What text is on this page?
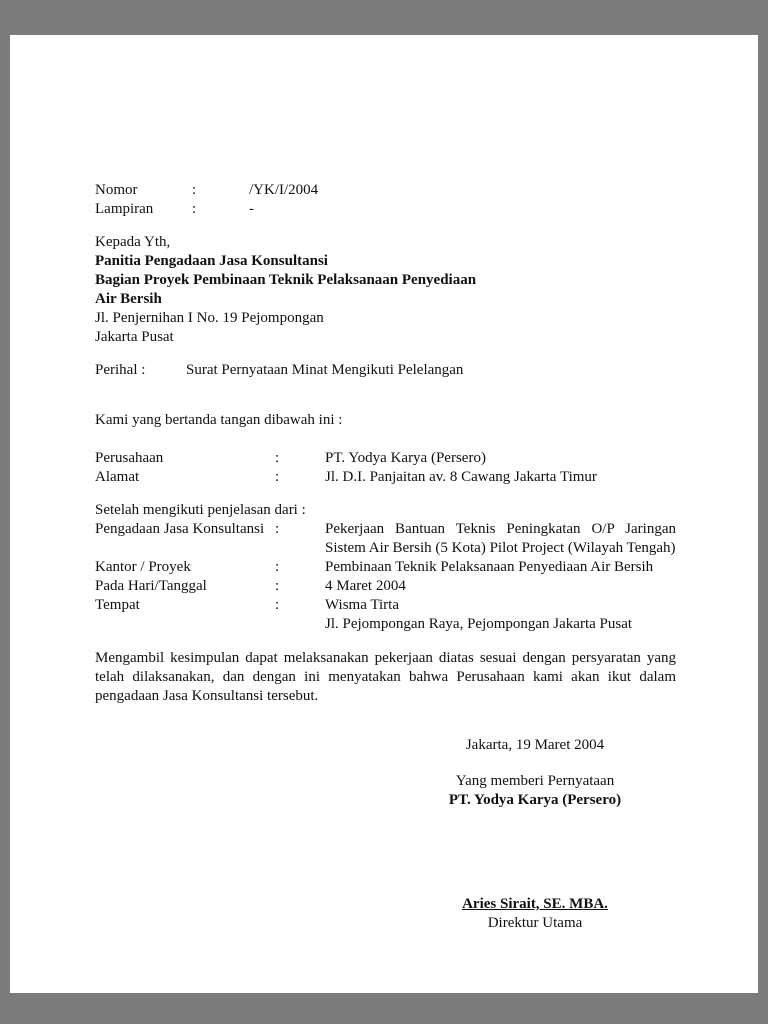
Nomor	:	/YK/I/2004
Lampiran	:	-
Kepada Yth,
Panitia Pengadaan Jasa Konsultansi
Bagian Proyek Pembinaan Teknik Pelaksanaan Penyediaan
Air Bersih
Jl. Penjernihan I No. 19 Pejompongan
Jakarta Pusat
Perihal :	Surat Pernyataan Minat Mengikuti Pelelangan
Kami yang bertanda tangan dibawah ini :
Perusahaan	:	PT. Yodya Karya (Persero)
Alamat	:	Jl. D.I. Panjaitan av. 8 Cawang Jakarta Timur
Setelah mengikuti penjelasan dari :
Pengadaan Jasa Konsultansi :	Pekerjaan Bantuan Teknis Peningkatan O/P Jaringan Sistem Air Bersih (5 Kota) Pilot Project (Wilayah Tengah)
Kantor / Proyek	:	Pembinaan Teknik Pelaksanaan Penyediaan Air Bersih
Pada Hari/Tanggal	:	4 Maret 2004
Tempat	:	Wisma Tirta
Jl. Pejompongan Raya, Pejompongan Jakarta Pusat
Mengambil kesimpulan dapat melaksanakan pekerjaan diatas sesuai dengan persyaratan yang telah dilaksanakan, dan dengan ini menyatakan bahwa Perusahaan kami akan ikut dalam pengadaan Jasa Konsultansi tersebut.
Jakarta, 19 Maret 2004
Yang memberi Pernyataan
PT. Yodya Karya (Persero)
Aries Sirait, SE. MBA.
Direktur Utama
